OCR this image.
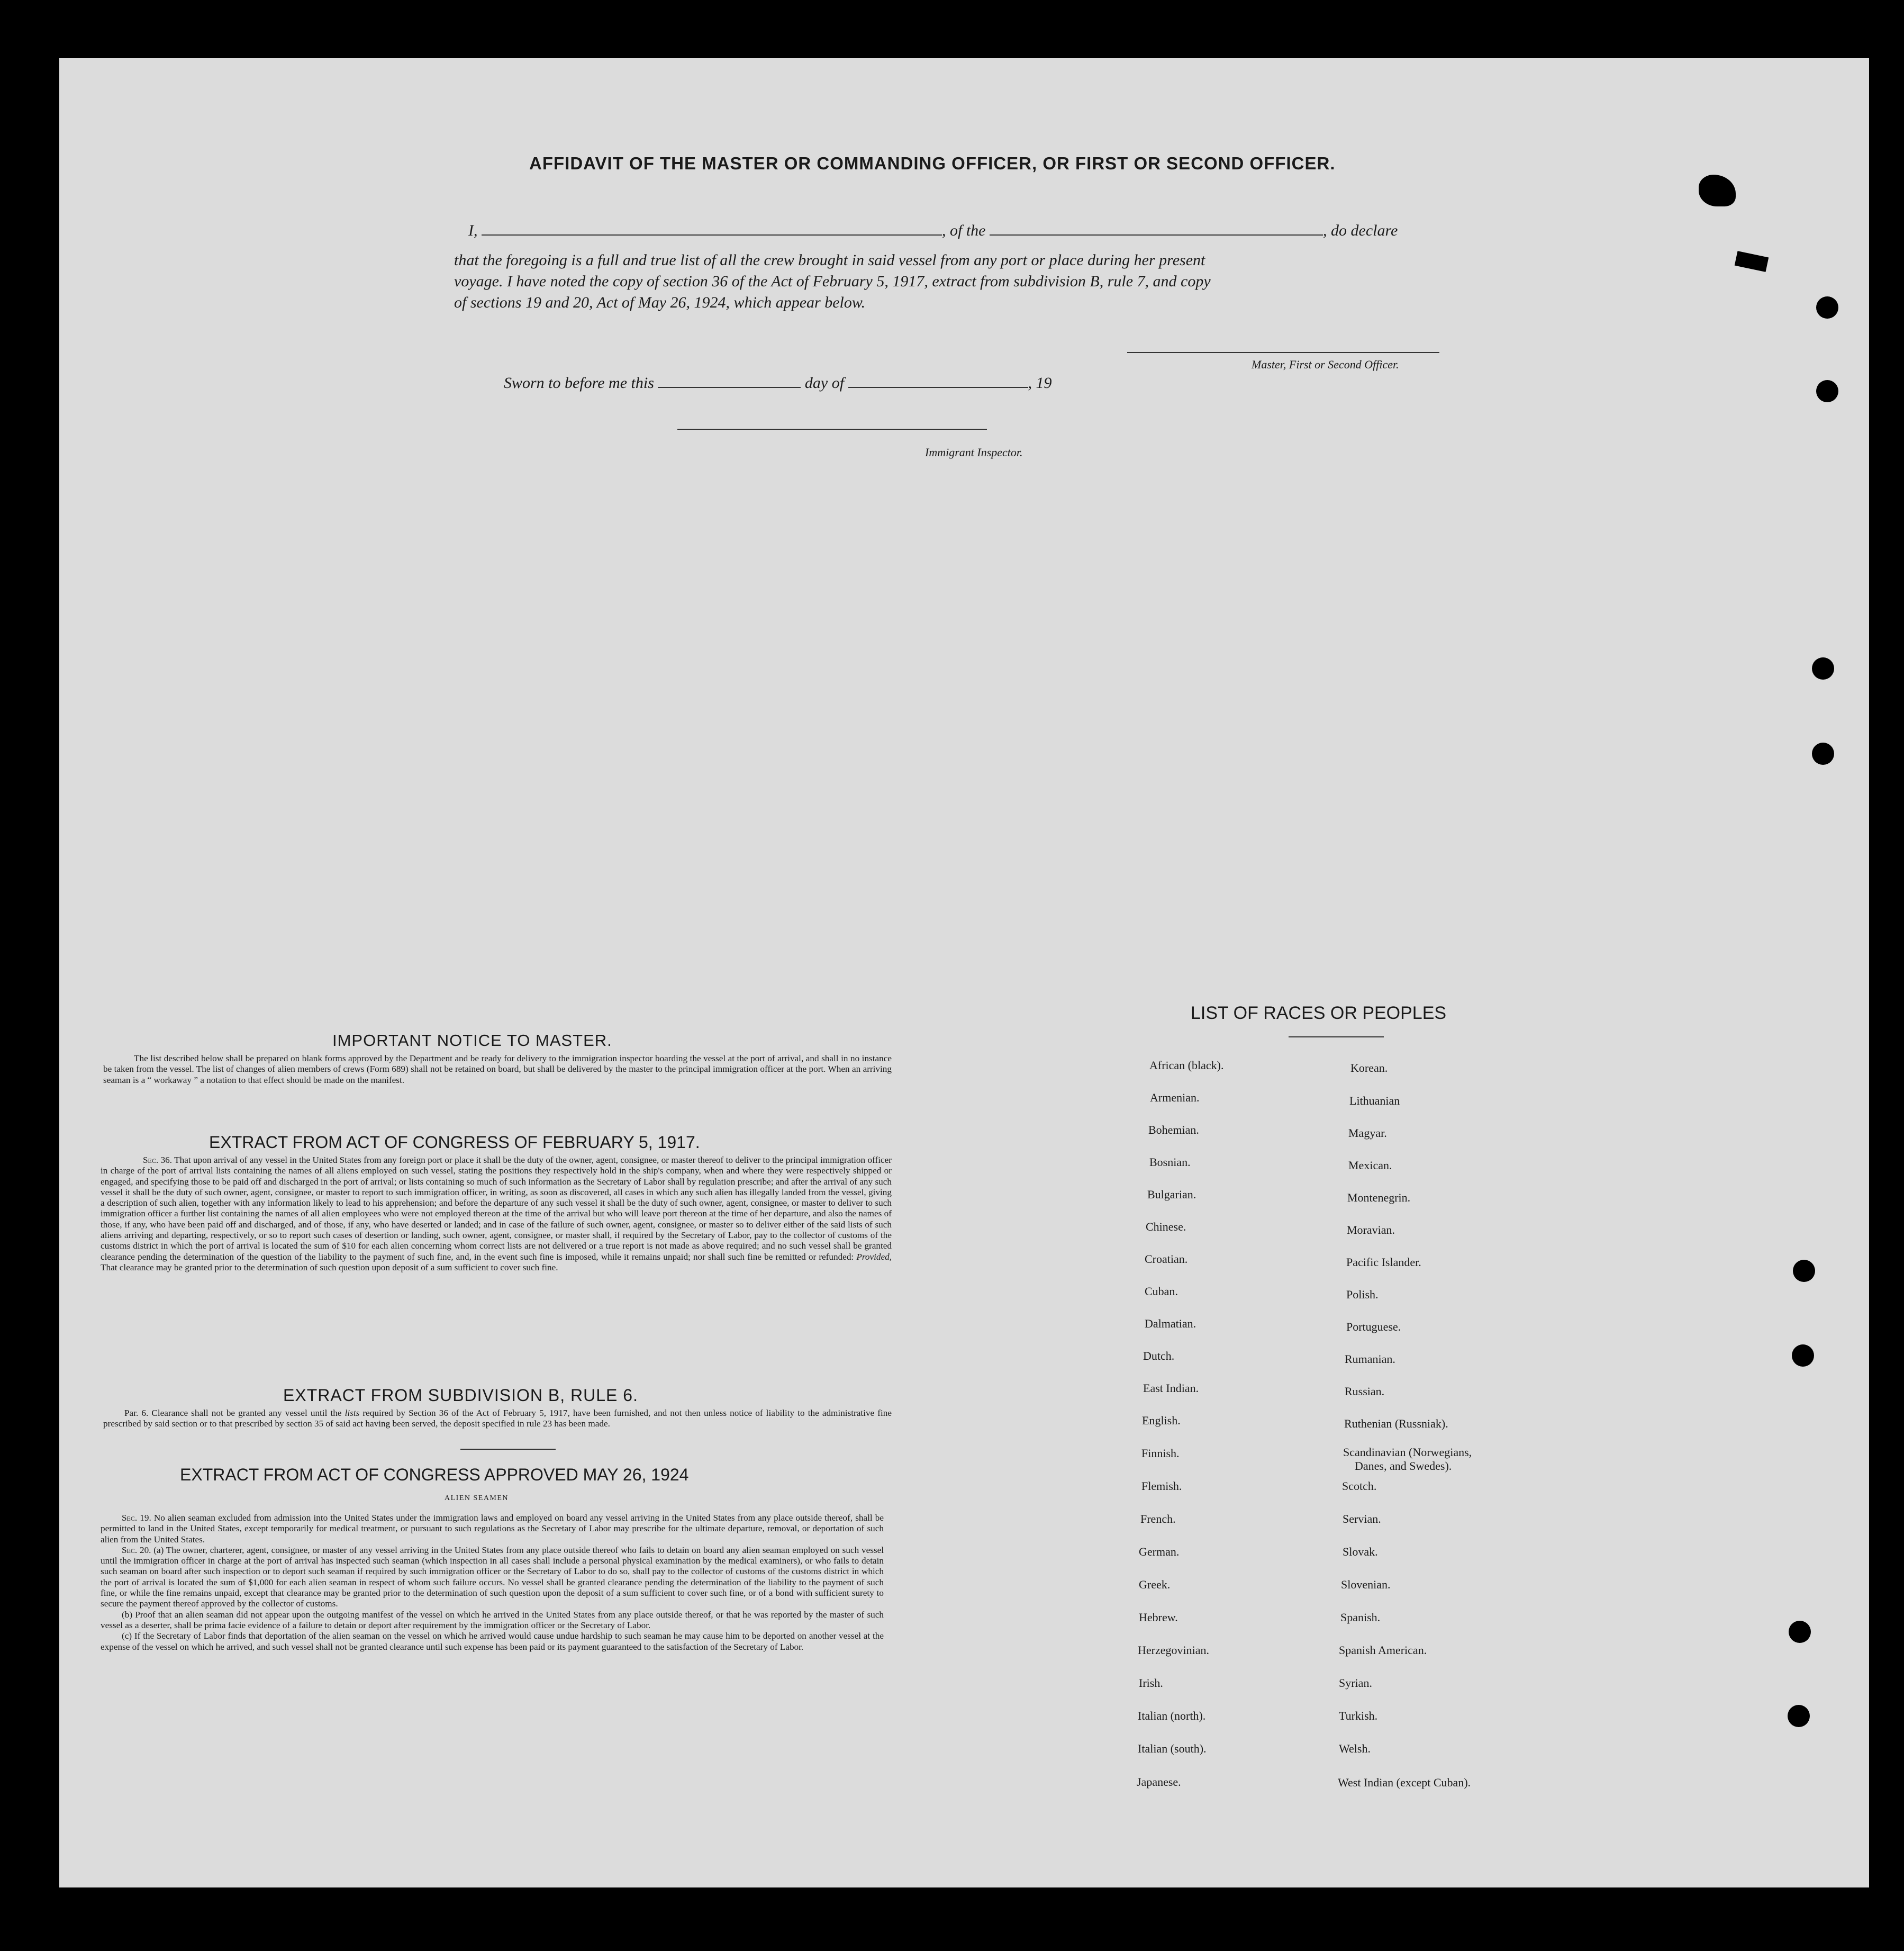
AFFIDAVIT OF THE MASTER OR COMMANDING OFFICER, OR FIRST OR SECOND OFFICER.
I,	, of the	, do declare
that the foregoing is a full and true list of all the crew brought in said vessel from any port or place during her present
voyage. I have noted the copy of section 36 of the Act of February 5, 1917, extract from subdivision B, rule 7, and copy
of sections 19 and 20, Act of May 26, 1924, which appear below.
Master, First or Second Officer.
Sworn to before me this	day of	, 19
Immigrant Inspector.
IMPORTANT NOTICE TO MASTER.
The list described below shall be prepared on blank forms approved by the Department and be ready for delivery to the immigration inspector boarding the vessel at the port of arrival, and shall in no instance be taken from the vessel. The list of changes of alien members of crews (Form 689) shall not be retained on board, but shall be delivered by the master to the principal immigration officer at the port. When an arriving seaman is a “ workaway ” a notation to that effect should be made on the manifest.
EXTRACT FROM ACT OF CONGRESS OF FEBRUARY 5, 1917.
Sec. 36. That upon arrival of any vessel in the United States from any foreign port or place it shall be the duty of the owner, agent, consignee, or master thereof to deliver to the principal immigration officer in charge of the port of arrival lists containing the names of all aliens employed on such vessel, stating the positions they respectively hold in the ship's company, when and where they were respectively shipped or engaged, and specifying those to be paid off and discharged in the port of arrival; or lists containing so much of such information as the Secretary of Labor shall by regulation prescribe; and after the arrival of any such vessel it shall be the duty of such owner, agent, consignee, or master to report to such immigration officer, in writing, as soon as discovered, all cases in which any such alien has illegally landed from the vessel, giving a description of such alien, together with any information likely to lead to his apprehension; and before the departure of any such vessel it shall be the duty of such owner, agent, consignee, or master to deliver to such immigration officer a further list containing the names of all alien employees who were not employed thereon at the time of the arrival but who will leave port thereon at the time of her departure, and also the names of those, if any, who have been paid off and discharged, and of those, if any, who have deserted or landed; and in case of the failure of such owner, agent, consignee, or master so to deliver either of the said lists of such aliens arriving and departing, respectively, or so to report such cases of desertion or landing, such owner, agent, consignee, or master shall, if required by the Secretary of Labor, pay to the collector of customs of the customs district in which the port of arrival is located the sum of $10 for each alien concerning whom correct lists are not delivered or a true report is not made as above required; and no such vessel shall be granted clearance pending the determination of the question of the liability to the payment of such fine, and, in the event such fine is imposed, while it remains unpaid; nor shall such fine be remitted or refunded: Provided, That clearance may be granted prior to the determination of such question upon deposit of a sum sufficient to cover such fine.
EXTRACT FROM SUBDIVISION B, RULE 6.
Par. 6. Clearance shall not be granted any vessel until the lists required by Section 36 of the Act of February 5, 1917, have been furnished, and not then unless notice of liability to the administrative fine prescribed by said section or to that prescribed by section 35 of said act having been served, the deposit specified in rule 23 has been made.
EXTRACT FROM ACT OF CONGRESS APPROVED MAY 26, 1924
ALIEN SEAMEN
Sec. 19. No alien seaman excluded from admission into the United States under the immigration laws and employed on board any vessel arriving in the United States from any place outside thereof, shall be permitted to land in the United States, except temporarily for medical treatment, or pursuant to such regulations as the Secretary of Labor may prescribe for the ultimate departure, removal, or deportation of such alien from the United States.
Sec. 20. (a) The owner, charterer, agent, consignee, or master of any vessel arriving in the United States from any place outside thereof who fails to detain on board any alien seaman employed on such vessel until the immigration officer in charge at the port of arrival has inspected such seaman (which inspection in all cases shall include a personal physical examination by the medical examiners), or who fails to detain such seaman on board after such inspection or to deport such seaman if required by such immigration officer or the Secretary of Labor to do so, shall pay to the collector of customs of the customs district in which the port of arrival is located the sum of $1,000 for each alien seaman in respect of whom such failure occurs. No vessel shall be granted clearance pending the determination of the liability to the payment of such fine, or while the fine remains unpaid, except that clearance may be granted prior to the determination of such question upon the deposit of a sum sufficient to cover such fine, or of a bond with sufficient surety to secure the payment thereof approved by the collector of customs.
(b) Proof that an alien seaman did not appear upon the outgoing manifest of the vessel on which he arrived in the United States from any place outside thereof, or that he was reported by the master of such vessel as a deserter, shall be prima facie evidence of a failure to detain or deport after requirement by the immigration officer or the Secretary of Labor.
(c) If the Secretary of Labor finds that deportation of the alien seaman on the vessel on which he arrived would cause undue hardship to such seaman he may cause him to be deported on another vessel at the expense of the vessel on which he arrived, and such vessel shall not be granted clearance until such expense has been paid or its payment guaranteed to the satisfaction of the Secretary of Labor.
LIST OF RACES OR PEOPLES
African (black).
Armenian.
Bohemian.
Bosnian.
Bulgarian.
Chinese.
Croatian.
Cuban.
Dalmatian.
Dutch.
East Indian.
English.
Finnish.
Flemish.
French.
German.
Greek.
Hebrew.
Herzegovinian.
Irish.
Italian (north).
Italian (south).
Japanese.
Korean.
Lithuanian
Magyar.
Mexican.
Montenegrin.
Moravian.
Pacific Islander.
Polish.
Portuguese.
Rumanian.
Russian.
Ruthenian (Russniak).
Scandinavian (Norwegians,
Scotch.
Servian.
Slovak.
Slovenian.
Spanish.
Spanish American.
Syrian.
Turkish.
Welsh.
West Indian (except Cuban).
Danes, and Swedes).
